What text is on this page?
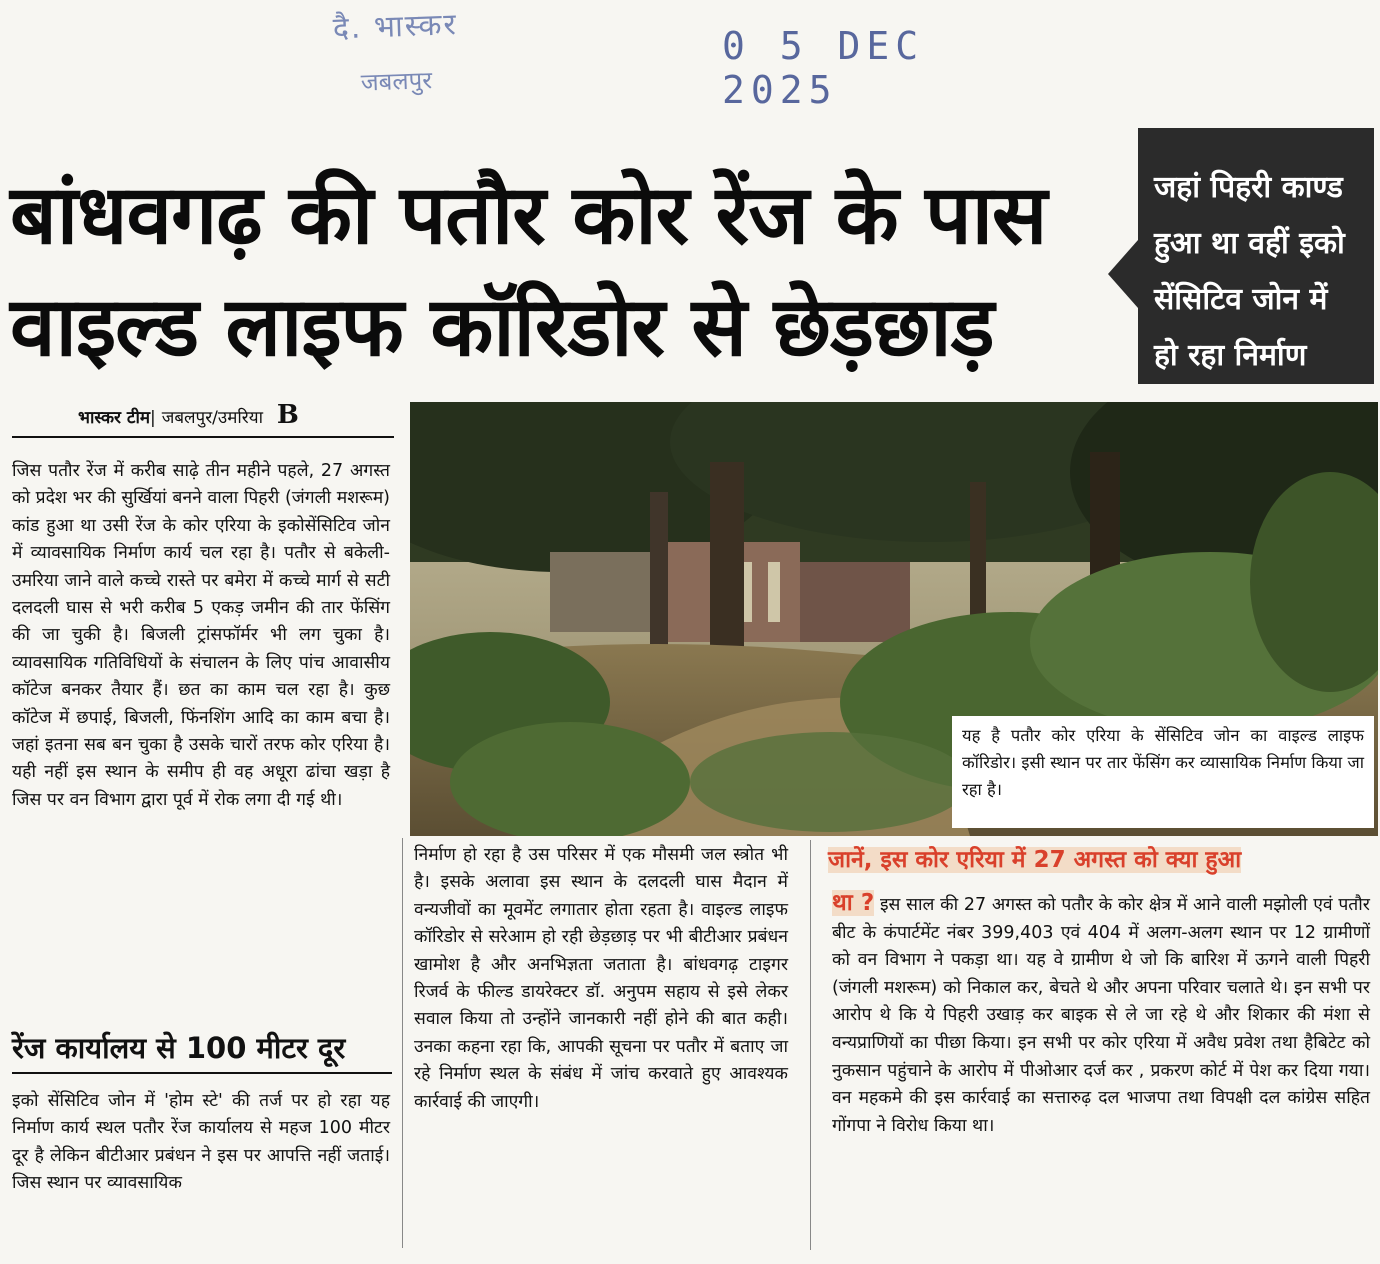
दै. भास्कर
जबलपुर
0 5 DEC 2025
बांधवगढ़ की पतौर कोर रेंज के पास
वाइल्ड लाइफ कॉरिडोर से छेड़छाड़
जहां पिहरी काण्ड हुआ था वहीं इको सेंसिटिव जोन में हो रहा निर्माण
भास्कर टीम| जबलपुर/उमरिया B

जिस पतौर रेंज में करीब साढ़े तीन महीने पहले, 27 अगस्त को प्रदेश भर की सुर्खियां बनने वाला पिहरी (जंगली मशरूम) कांड हुआ था उसी रेंज के कोर एरिया के इकोसेंसिटिव जोन में व्यावसायिक निर्माण कार्य चल रहा है। पतौर से बकेली-उमरिया जाने वाले कच्चे रास्ते पर बमेरा में कच्चे मार्ग से सटी दलदली घास से भरी करीब 5 एकड़ जमीन की तार फेंसिंग की जा चुकी है। बिजली ट्रांसफॉर्मर भी लग चुका है। व्यावसायिक गतिविधियों के संचालन के लिए पांच आवासीय कॉटेज बनकर तैयार हैं। छत का काम चल रहा है। कुछ कॉटेज में छपाई, बिजली, फिंनशिंग आदि का काम बचा है। जहां इतना सब बन चुका है उसके चारों तरफ कोर एरिया है। यही नहीं इस स्थान के समीप ही वह अधूरा ढांचा खड़ा है जिस पर वन विभाग द्वारा पूर्व में रोक लगा दी गई थी।

रेंज कार्यालय से 100 मीटर दूर

इको सेंसिटिव जोन में 'होम स्टे' की तर्ज पर हो रहा यह निर्माण कार्य स्थल पतौर रेंज कार्यालय से महज 100 मीटर दूर है लेकिन बीटीआर प्रबंधन ने इस पर आपत्ति नहीं जताई। जिस स्थान पर व्यावसायिक

यह है पतौर कोर एरिया के सेंसिटिव जोन का वाइल्ड लाइफ कॉरिडोर। इसी स्थान पर तार फेंसिंग कर व्यासायिक निर्माण किया जा रहा है।

निर्माण हो रहा है उस परिसर में एक मौसमी जल स्त्रोत भी है। इसके अलावा इस स्थान के दलदली घास मैदान में वन्यजीवों का मूवमेंट लगातार होता रहता है। वाइल्ड लाइफ कॉरिडोर से सरेआम हो रही छेड़छाड़ पर भी बीटीआर प्रबंधन खामोश है और अनभिज्ञता जताता है। बांधवगढ़ टाइगर रिजर्व के फील्ड डायरेक्टर डॉ. अनुपम सहाय से इसे लेकर सवाल किया तो उन्होंने जानकारी नहीं होने की बात कही। उनका कहना रहा कि, आपकी सूचना पर पतौर में बताए जा रहे निर्माण स्थल के संबंध में जांच करवाते हुए आवश्यक कार्रवाई की जाएगी।

जानें, इस कोर एरिया में 27 अगस्त को क्या हुआ
था ? इस साल की 27 अगस्त को पतौर के कोर क्षेत्र में आने वाली मझोली एवं पतौर बीट के कंपार्टमेंट नंबर 399,403 एवं 404 में अलग-अलग स्थान पर 12 ग्रामीणों को वन विभाग ने पकड़ा था। यह वे ग्रामीण थे जो कि बारिश में ऊगने वाली पिहरी (जंगली मशरूम) को निकाल कर, बेचते थे और अपना परिवार चलाते थे। इन सभी पर आरोप थे कि ये पिहरी उखाड़ कर बाइक से ले जा रहे थे और शिकार की मंशा से वन्यप्राणियों का पीछा किया। इन सभी पर कोर एरिया में अवैध प्रवेश तथा हैबिटेट को नुकसान पहुंचाने के आरोप में पीओआर दर्ज कर , प्रकरण कोर्ट में पेश कर दिया गया। वन महकमे की इस कार्रवाई का सत्तारुढ़ दल भाजपा तथा विपक्षी दल कांग्रेस सहित गोंगपा ने विरोध किया था।
